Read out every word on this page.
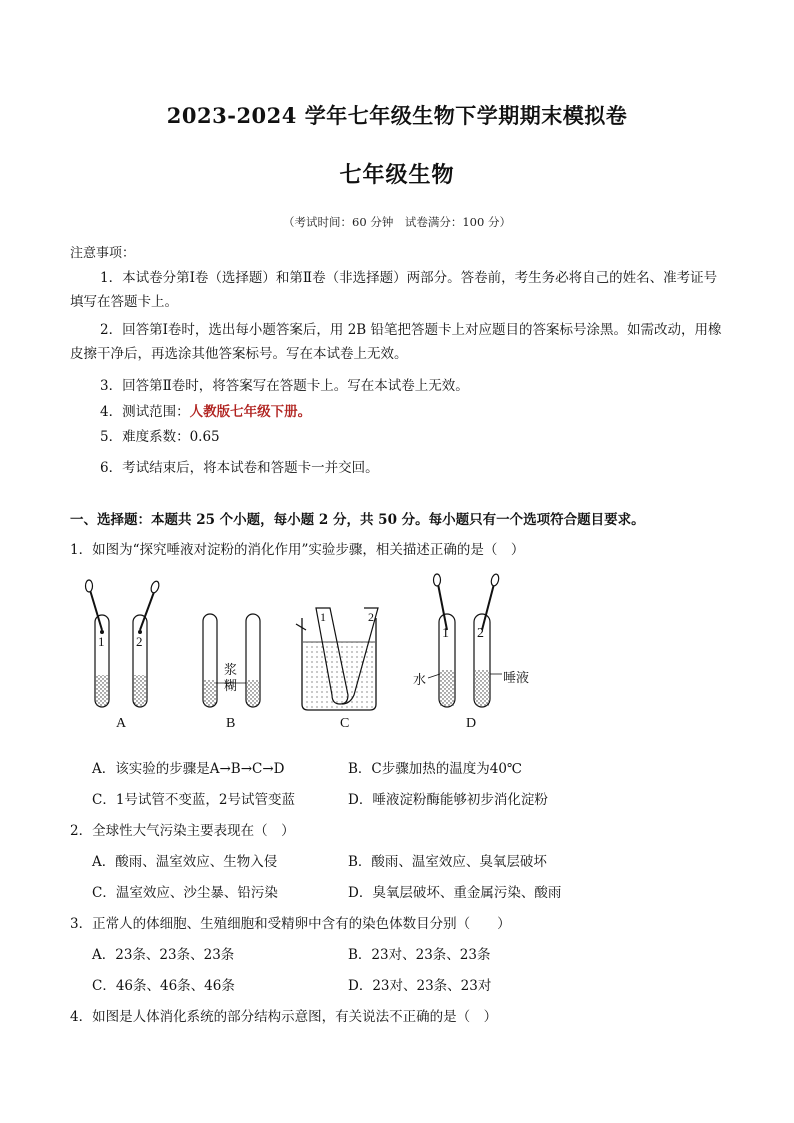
2023-2024 学年七年级生物下学期期末模拟卷
七年级生物
（考试时间：60 分钟　试卷满分：100 分）
注意事项：
1．本试卷分第Ⅰ卷（选择题）和第Ⅱ卷（非选择题）两部分。答卷前，考生务必将自己的姓名、准考证号填写在答题卡上。
2．回答第Ⅰ卷时，选出每小题答案后，用 2B 铅笔把答题卡上对应题目的答案标号涂黑。如需改动，用橡皮擦干净后，再选涂其他答案标号。写在本试卷上无效。
3．回答第Ⅱ卷时，将答案写在答题卡上。写在本试卷上无效。
4．测试范围：人教版七年级下册。
5．难度系数：0.65
6．考试结束后，将本试卷和答题卡一并交回。
一、选择题：本题共 25 个小题，每小题 2 分，共 50 分。每小题只有一个选项符合题目要求。
1．如图为“探究唾液对淀粉的消化作用”实验步骤，相关描述正确的是（　）
A	B	C	D
1 2
1	2
1 2
浆
糊	水	唾液
A．该实验的步骤是A→B→C→D	B．C步骤加热的温度为40℃
C．1号试管不变蓝，2号试管变蓝	D．唾液淀粉酶能够初步消化淀粉
2．全球性大气污染主要表现在（　）
A．酸雨、温室效应、生物入侵	B．酸雨、温室效应、臭氧层破坏
C．温室效应、沙尘暴、铅污染	D．臭氧层破坏、重金属污染、酸雨
3．正常人的体细胞、生殖细胞和受精卵中含有的染色体数目分别（　　）
A．23条、23条、23条	B．23对、23条、23条
C．46条、46条、46条	D．23对、23条、23对
4．如图是人体消化系统的部分结构示意图，有关说法不正确的是（　）
